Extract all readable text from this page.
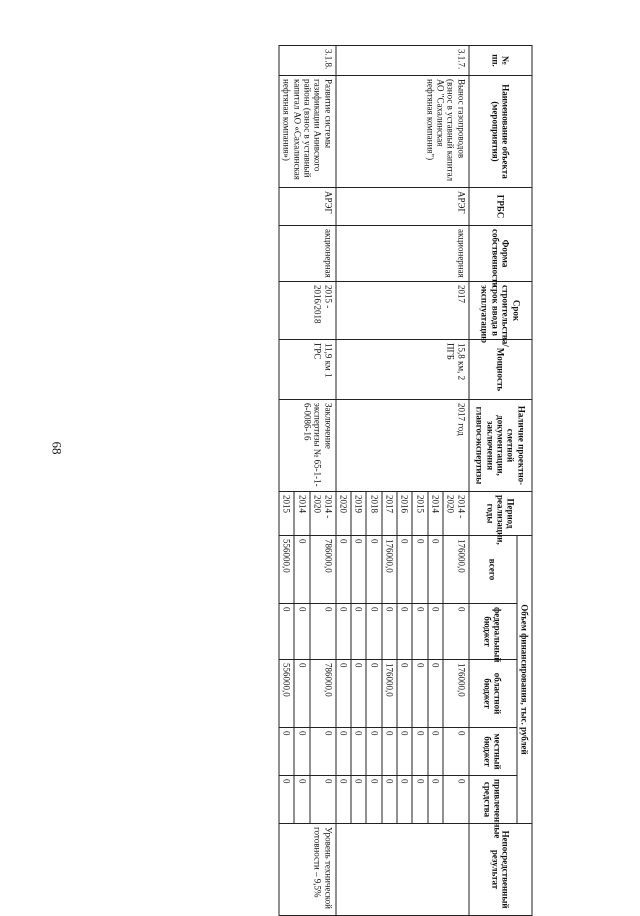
68
№ пп.	Наименование объекта (мероприятия)	ГРБС	Форма собственности	Срок строительства/срок ввода в эксплуатацию	Мощность	Наличие проектно-сметной документации, заключения главгосэкспертизы	Период реализации, годы	Объем финансирования, тыс. рублей					Непосредственный результат
								всего	федеральный бюджет	областной бюджет	местный бюджет	привлеченные средства	
3.1.7.	Вынос газопроводов (взнос в уставный капитал АО "Сахалинская нефтяная компания")	АРЭГ	акционерная	2017	15,8 км, 2 ПГБ	2017 год	2014 - 2020	176000,0	0	176000,0	0	0	
							2014	0	0	0	0	0	
							2015	0	0	0	0	0	
							2016	0	0	0	0	0	
							2017	176000,0	0	176000,0	0	0	
							2018	0	0	0	0	0	
							2019	0	0	0	0	0	
							2020	0	0	0	0	0	
3.1.8.	Развитие системы газификации Анивского района (взнос в уставный капитал АО «Сахалинская нефтяная компания»)	АРЭГ	акционерная	2015 - 2016/2018	11,9 км 1 ГРС	Заключение экспертизы № 65-1-1-6-0086-16	2014 - 2020	786000,0	0	786000,0	0	0	Уровень технической готовности – 9,5%
							2014	0	0	0	0	0	
							2015	556000,0	0	556000,0	0	0	
